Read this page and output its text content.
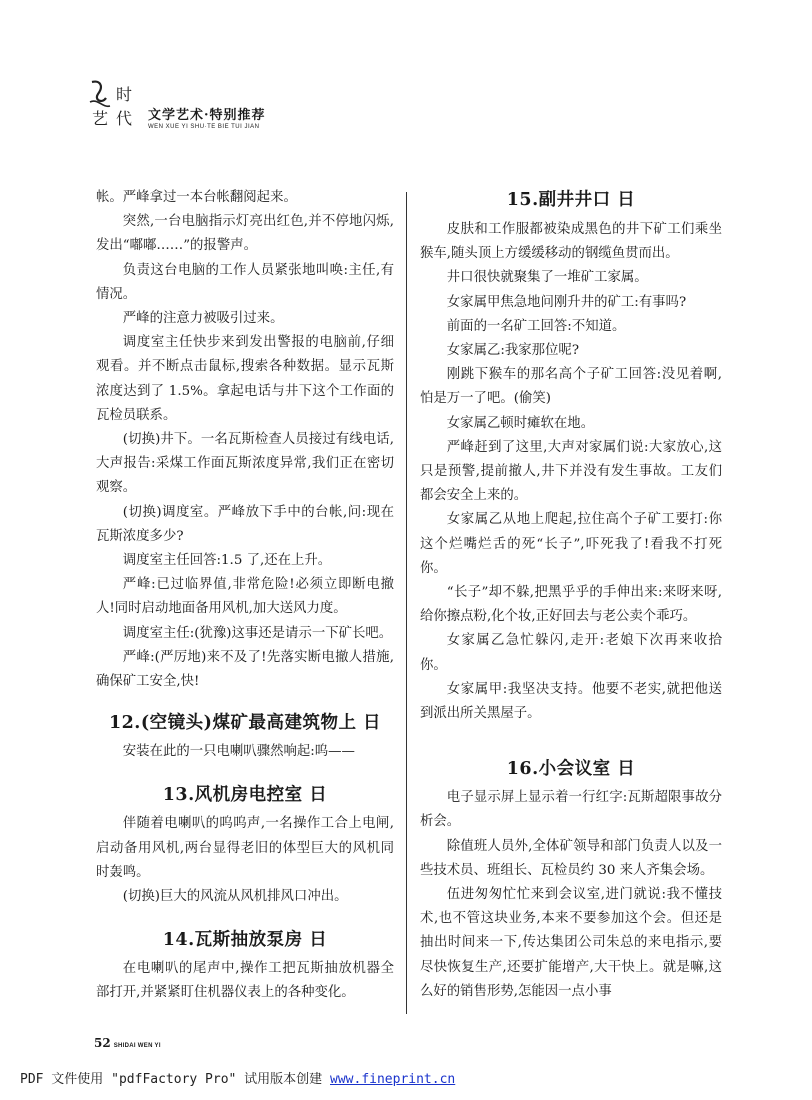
时
艺 代 文学艺术·特别推荐
WEN XUE YI SHU·TE BIE TUI JIAN

帐。严峰拿过一本台帐翻阅起来。

突然,一台电脑指示灯亮出红色,并不停地闪烁,发出“嘟嘟……”的报警声。

负责这台电脑的工作人员紧张地叫唤:主任,有情况。

严峰的注意力被吸引过来。

调度室主任快步来到发出警报的电脑前,仔细观看。并不断点击鼠标,搜索各种数据。显示瓦斯浓度达到了 1.5%。拿起电话与井下这个工作面的瓦检员联系。

(切换)井下。一名瓦斯检查人员接过有线电话,大声报告:采煤工作面瓦斯浓度异常,我们正在密切观察。

(切换)调度室。严峰放下手中的台帐,问:现在瓦斯浓度多少?

调度室主任回答:1.5 了,还在上升。

严峰:已过临界值,非常危险!必须立即断电撤人!同时启动地面备用风机,加大送风力度。

调度室主任:(犹豫)这事还是请示一下矿长吧。

严峰:(严厉地)来不及了!先落实断电撤人措施,确保矿工安全,快!

12.(空镜头)煤矿最高建筑物上 日

安装在此的一只电喇叭骤然响起:呜——

13.风机房电控室 日

伴随着电喇叭的呜呜声,一名操作工合上电闸,启动备用风机,两台显得老旧的体型巨大的风机同时轰鸣。

(切换)巨大的风流从风机排风口冲出。

14.瓦斯抽放泵房 日

在电喇叭的尾声中,操作工把瓦斯抽放机器全部打开,并紧紧盯住机器仪表上的各种变化。

15.副井井口 日

皮肤和工作服都被染成黑色的井下矿工们乘坐猴车,随头顶上方缓缓移动的钢缆鱼贯而出。

井口很快就聚集了一堆矿工家属。

女家属甲焦急地问刚升井的矿工:有事吗?

前面的一名矿工回答:不知道。

女家属乙:我家那位呢?

刚跳下猴车的那名高个子矿工回答:没见着啊,怕是万一了吧。(偷笑)

女家属乙顿时瘫软在地。

严峰赶到了这里,大声对家属们说:大家放心,这只是预警,提前撤人,井下并没有发生事故。工友们都会安全上来的。

女家属乙从地上爬起,拉住高个子矿工要打:你这个烂嘴烂舌的死“长子”,吓死我了!看我不打死你。

“长子”却不躲,把黑乎乎的手伸出来:来呀来呀,给你擦点粉,化个妆,正好回去与老公卖个乖巧。

女家属乙急忙躲闪,走开:老娘下次再来收拾你。

女家属甲:我坚决支持。他要不老实,就把他送到派出所关黑屋子。

16.小会议室 日

电子显示屏上显示着一行红字:瓦斯超限事故分析会。

除值班人员外,全体矿领导和部门负责人以及一些技术员、班组长、瓦检员约 30 来人齐集会场。

伍进匆匆忙忙来到会议室,进门就说:我不懂技术,也不管这块业务,本来不要参加这个会。但还是抽出时间来一下,传达集团公司朱总的来电指示,要尽快恢复生产,还要扩能增产,大干快上。就是嘛,这么好的销售形势,怎能因一点小事

52 SHIDAI WEN YI
PDF 文件使用 "pdfFactory Pro" 试用版本创建 www.fineprint.cn
